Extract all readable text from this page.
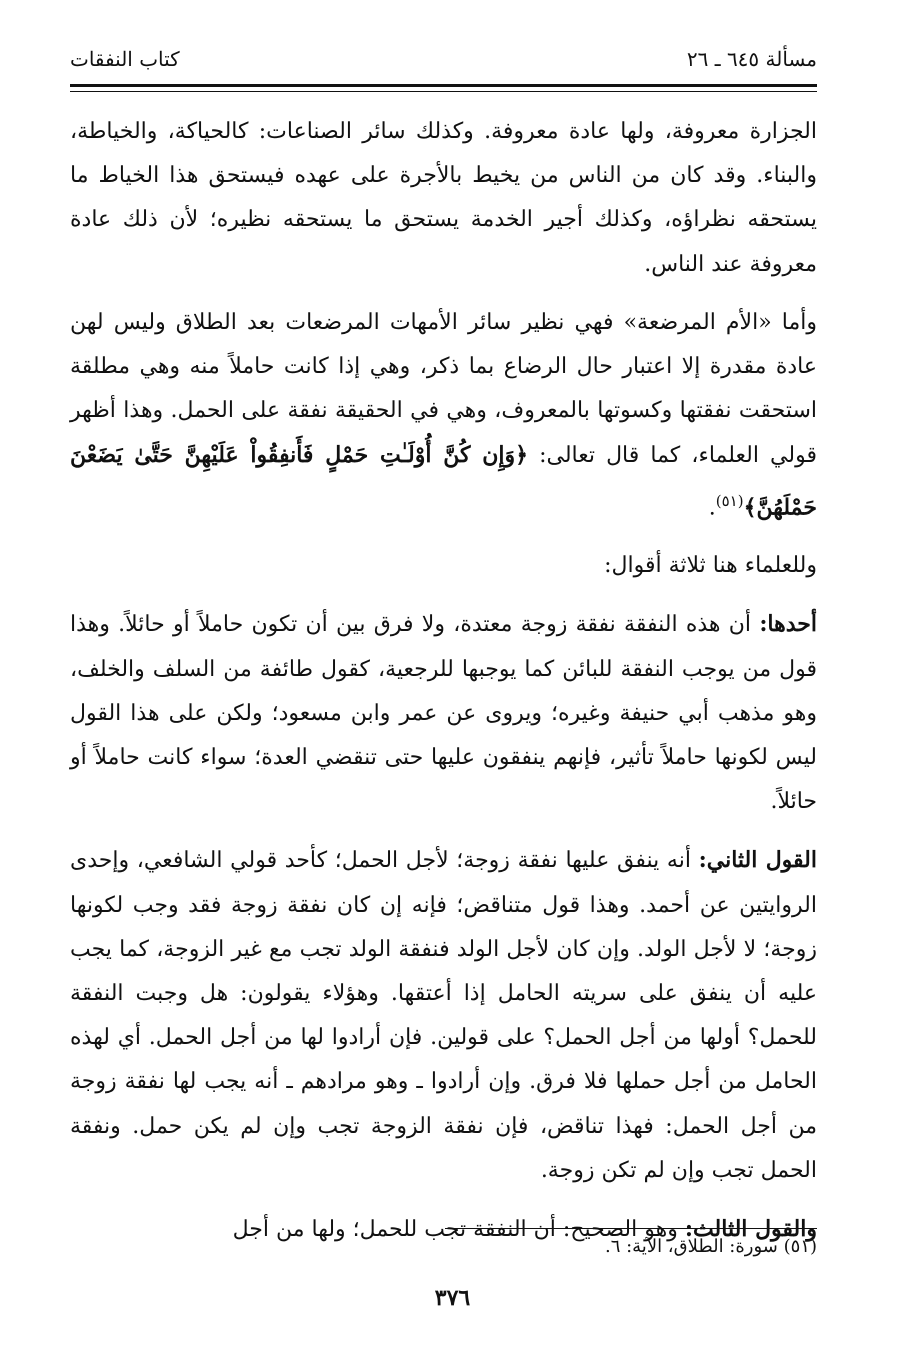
مسألة ٦٤٥ ـ ٢٦
كتاب النفقات

الجزارة معروفة، ولها عادة معروفة. وكذلك سائر الصناعات: كالحياكة، والخياطة، والبناء. وقد كان من الناس من يخيط بالأجرة على عهده فيستحق هذا الخياط ما يستحقه نظراؤه، وكذلك أجير الخدمة يستحق ما يستحقه نظيره؛ لأن ذلك عادة معروفة عند الناس.

وأما «الأم المرضعة» فهي نظير سائر الأمهات المرضعات بعد الطلاق وليس لهن عادة مقدرة إلا اعتبار حال الرضاع بما ذكر، وهي إذا كانت حاملاً منه وهي مطلقة استحقت نفقتها وكسوتها بالمعروف، وهي في الحقيقة نفقة على الحمل. وهذا أظهر قولي العلماء، كما قال تعالى: ﴿وَإِن كُنَّ أُوْلَـٰتِ حَمْلٍ فَأَنفِقُواْ عَلَيْهِنَّ حَتَّىٰ يَضَعْنَ حَمْلَهُنَّ﴾$^{(٥١)}$.

وللعلماء هنا ثلاثة أقوال:

أحدها: أن هذه النفقة نفقة زوجة معتدة، ولا فرق بين أن تكون حاملاً أو حائلاً. وهذا قول من يوجب النفقة للبائن كما يوجبها للرجعية، كقول طائفة من السلف والخلف، وهو مذهب أبي حنيفة وغيره؛ ويروى عن عمر وابن مسعود؛ ولكن على هذا القول ليس لكونها حاملاً تأثير، فإنهم ينفقون عليها حتى تنقضي العدة؛ سواء كانت حاملاً أو حائلاً.

القول الثاني: أنه ينفق عليها نفقة زوجة؛ لأجل الحمل؛ كأحد قولي الشافعي، وإحدى الروايتين عن أحمد. وهذا قول متناقض؛ فإنه إن كان نفقة زوجة فقد وجب لكونها زوجة؛ لا لأجل الولد. وإن كان لأجل الولد فنفقة الولد تجب مع غير الزوجة، كما يجب عليه أن ينفق على سريته الحامل إذا أعتقها. وهؤلاء يقولون: هل وجبت النفقة للحمل؟ أولها من أجل الحمل؟ على قولين. فإن أرادوا لها من أجل الحمل. أي لهذه الحامل من أجل حملها فلا فرق. وإن أرادوا ـ وهو مرادهم ـ أنه يجب لها نفقة زوجة من أجل الحمل: فهذا تناقض، فإن نفقة الزوجة تجب وإن لم يكن حمل. ونفقة الحمل تجب وإن لم تكن زوجة.

والقول الثالث: وهو الصحيح: أن النفقة تجب للحمل؛ ولها من أجل

(٥١) سورة: الطلاق، الآية: ٦.
٣٧٦
